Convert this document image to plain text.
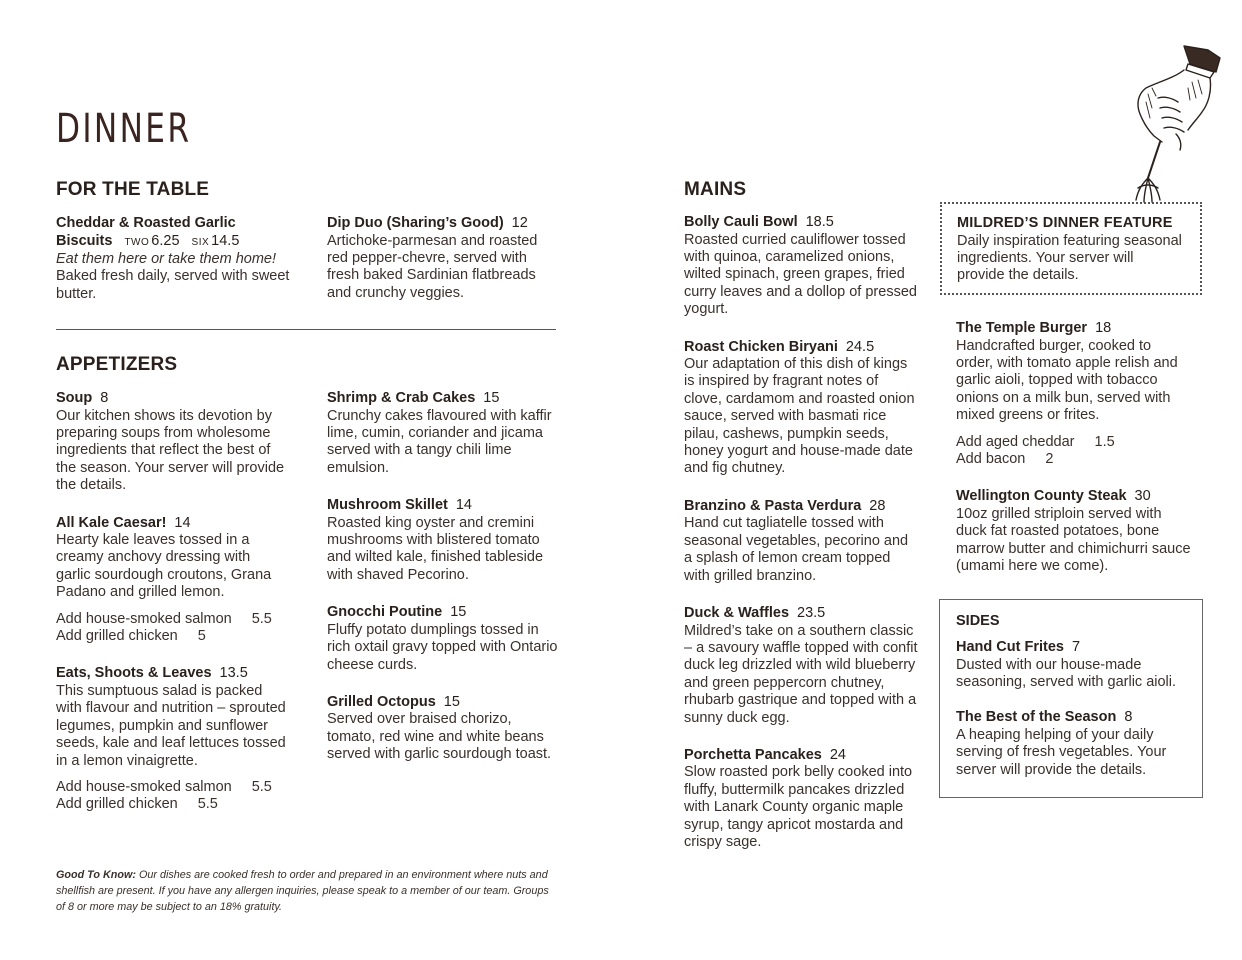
DINNER
FOR THE TABLE
Cheddar & Roasted Garlic
Biscuits TWO 6.25 SIX 14.5
Eat them here or take them home!
Baked fresh daily, served with sweet butter.
Dip Duo (Sharing’s Good) 12
Artichoke-parmesan and roasted red pepper-chevre, served with fresh baked Sardinian flatbreads and crunchy veggies.
APPETIZERS
Soup 8
Our kitchen shows its devotion by preparing soups from wholesome ingredients that reflect the best of the season. Your server will provide the details.
All Kale Caesar! 14
Hearty kale leaves tossed in a creamy anchovy dressing with garlic sourdough croutons, Grana Padano and grilled lemon.
Add house-smoked salmon 5.5
Add grilled chicken 5
Eats, Shoots & Leaves 13.5
This sumptuous salad is packed with flavour and nutrition – sprouted legumes, pumpkin and sunflower seeds, kale and leaf lettuces tossed in a lemon vinaigrette.
Add house-smoked salmon 5.5
Add grilled chicken 5.5
Shrimp & Crab Cakes 15
Crunchy cakes flavoured with kaffir lime, cumin, coriander and jicama served with a tangy chili lime emulsion.
Mushroom Skillet 14
Roasted king oyster and cremini mushrooms with blistered tomato and wilted kale, finished tableside with shaved Pecorino.
Gnocchi Poutine 15
Fluffy potato dumplings tossed in rich oxtail gravy topped with Ontario cheese curds.
Grilled Octopus 15
Served over braised chorizo, tomato, red wine and white beans served with garlic sourdough toast.
Good To Know: Our dishes are cooked fresh to order and prepared in an environment where nuts and shellfish are present. If you have any allergen inquiries, please speak to a member of our team. Groups of 8 or more may be subject to an 18% gratuity.
MAINS
Bolly Cauli Bowl 18.5
Roasted curried cauliflower tossed with quinoa, caramelized onions, wilted spinach, green grapes, fried curry leaves and a dollop of pressed yogurt.
Roast Chicken Biryani 24.5
Our adaptation of this dish of kings is inspired by fragrant notes of clove, cardamom and roasted onion sauce, served with basmati rice pilau, cashews, pumpkin seeds, honey yogurt and house-made date and fig chutney.
Branzino & Pasta Verdura 28
Hand cut tagliatelle tossed with seasonal vegetables, pecorino and a splash of lemon cream topped with grilled branzino.
Duck & Waffles 23.5
Mildred’s take on a southern classic – a savoury waffle topped with confit duck leg drizzled with wild blueberry and green peppercorn chutney, rhubarb gastrique and topped with a sunny duck egg.
Porchetta Pancakes 24
Slow roasted pork belly cooked into fluffy, buttermilk pancakes drizzled with Lanark County organic maple syrup, tangy apricot mostarda and crispy sage.
MILDRED’S DINNER FEATURE
Daily inspiration featuring seasonal ingredients. Your server will provide the details.
The Temple Burger 18
Handcrafted burger, cooked to order, with tomato apple relish and garlic aioli, topped with tobacco onions on a milk bun, served with mixed greens or frites.
Add aged cheddar 1.5
Add bacon 2
Wellington County Steak 30
10oz grilled striploin served with duck fat roasted potatoes, bone marrow butter and chimichurri sauce (umami here we come).
SIDES
Hand Cut Frites 7
Dusted with our house-made seasoning, served with garlic aioli.
The Best of the Season 8
A heaping helping of your daily serving of fresh vegetables. Your server will provide the details.
